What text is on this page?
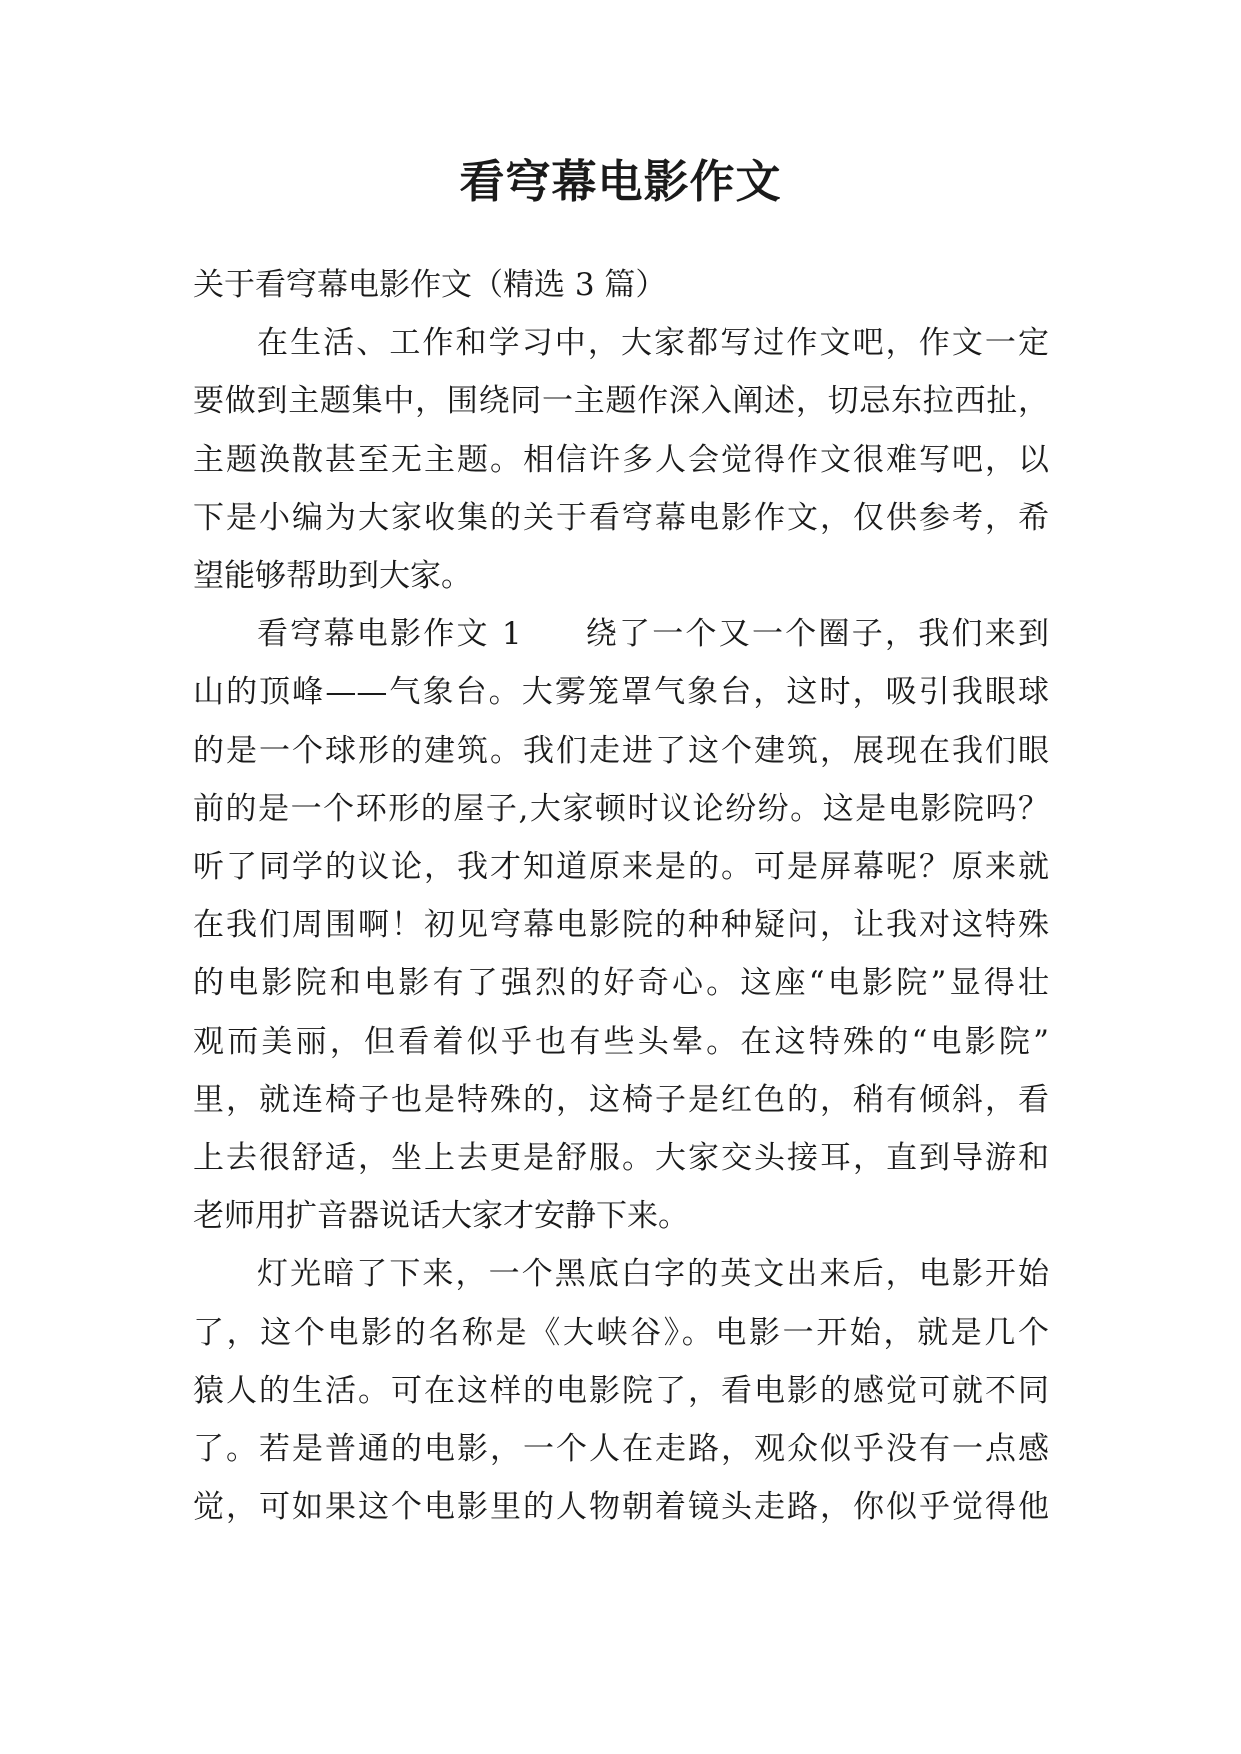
看穹幕电影作文
关于看穹幕电影作文（精选 3 篇）
在生活、工作和学习中，大家都写过作文吧，作文一定
要做到主题集中，围绕同一主题作深入阐述，切忌东拉西扯，
主题涣散甚至无主题。相信许多人会觉得作文很难写吧，以
下是小编为大家收集的关于看穹幕电影作文，仅供参考，希
望能够帮助到大家。
看穹幕电影作文 1 绕了一个又一个圈子，我们来到
山的顶峰——气象台。大雾笼罩气象台，这时，吸引我眼球
的是一个球形的建筑。我们走进了这个建筑，展现在我们眼
前的是一个环形的屋子,大家顿时议论纷纷。这是电影院吗？
听了同学的议论，我才知道原来是的。可是屏幕呢？原来就
在我们周围啊！初见穹幕电影院的种种疑问，让我对这特殊
的电影院和电影有了强烈的好奇心。这座“电影院”显得壮
观而美丽，但看着似乎也有些头晕。在这特殊的“电影院”
里，就连椅子也是特殊的，这椅子是红色的，稍有倾斜，看
上去很舒适，坐上去更是舒服。大家交头接耳，直到导游和
老师用扩音器说话大家才安静下来。
灯光暗了下来，一个黑底白字的英文出来后，电影开始
了，这个电影的名称是《大峡谷》。电影一开始，就是几个
猿人的生活。可在这样的电影院了，看电影的感觉可就不同
了。若是普通的电影，一个人在走路，观众似乎没有一点感
觉，可如果这个电影里的人物朝着镜头走路，你似乎觉得他
